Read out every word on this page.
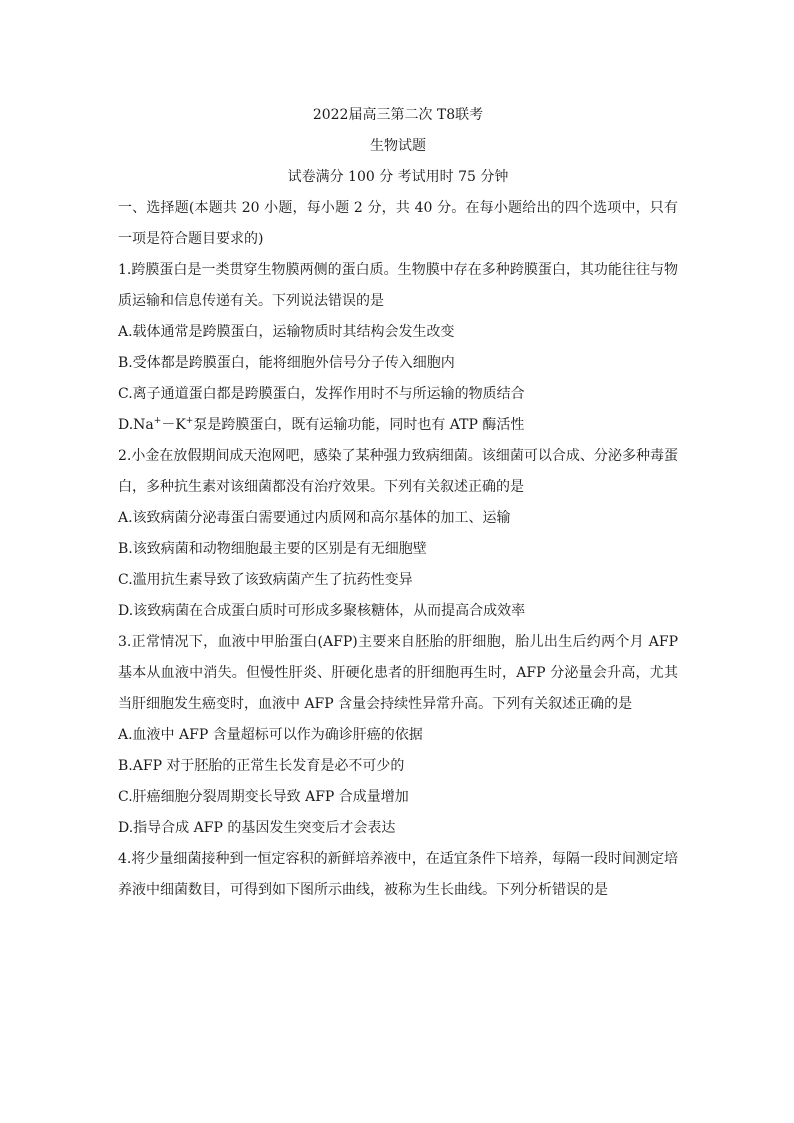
2022届高三第二次 T8联考
生物试题
试卷满分 100 分 考试用时 75 分钟

一、选择题(本题共 20 小题，每小题 2 分，共 40 分。在每小题给出的四个选项中，只有一项是符合题目要求的)

1.跨膜蛋白是一类贯穿生物膜两侧的蛋白质。生物膜中存在多种跨膜蛋白，其功能往往与物质运输和信息传递有关。下列说法错误的是

A.载体通常是跨膜蛋白，运输物质时其结构会发生改变

B.受体都是跨膜蛋白，能将细胞外信号分子传入细胞内

C.离子通道蛋白都是跨膜蛋白，发挥作用时不与所运输的物质结合

D.Na+－K+泵是跨膜蛋白，既有运输功能，同时也有 ATP 酶活性

2.小金在放假期间成天泡网吧，感染了某种强力致病细菌。该细菌可以合成、分泌多种毒蛋白，多种抗生素对该细菌都没有治疗效果。下列有关叙述正确的是

A.该致病菌分泌毒蛋白需要通过内质网和高尔基体的加工、运输

B.该致病菌和动物细胞最主要的区别是有无细胞壁

C.滥用抗生素导致了该致病菌产生了抗药性变异

D.该致病菌在合成蛋白质时可形成多聚核糖体，从而提高合成效率

3.正常情况下，血液中甲胎蛋白(AFP)主要来自胚胎的肝细胞，胎儿出生后约两个月 AFP 基本从血液中消失。但慢性肝炎、肝硬化患者的肝细胞再生时，AFP 分泌量会升高，尤其当肝细胞发生癌变时，血液中 AFP 含量会持续性异常升高。下列有关叙述正确的是

A.血液中 AFP 含量超标可以作为确诊肝癌的依据

B.AFP 对于胚胎的正常生长发育是必不可少的

C.肝癌细胞分裂周期变长导致 AFP 合成量增加

D.指导合成 AFP 的基因发生突变后才会表达

4.将少量细菌接种到一恒定容积的新鲜培养液中，在适宜条件下培养，每隔一段时间测定培养液中细菌数目，可得到如下图所示曲线，被称为生长曲线。下列分析错误的是
